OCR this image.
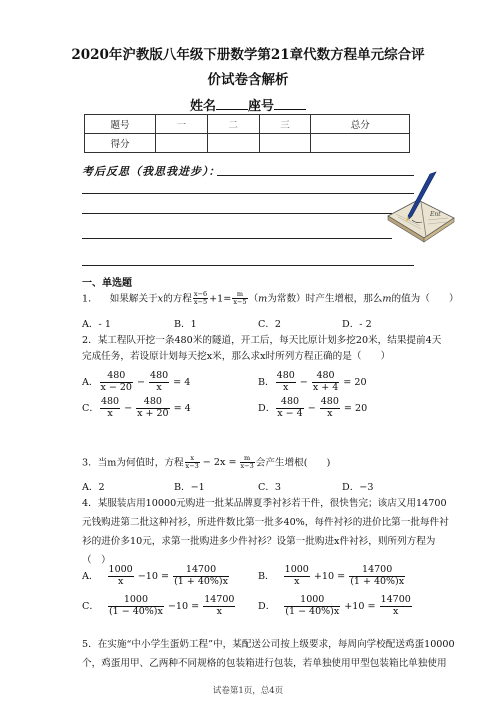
2020年沪教版八年级下册数学第21章代数方程单元综合评
价试卷含解析
姓名 座号
题号	一	二	三	总分
得分				
考后反思（我思我进步）：
Ent
一、单选题
1． 如果解关于x的方程 $\frac{x-6}{x-5} +1= \frac{m}{x-5} (m$为常数）时产生增根，那么m的值为（　　）
A．- 1	B．1	C．2	D．- 2
2．某工程队开挖一条480米的隧道，开工后，每天比原计划多挖20米，结果提前4天
完成任务，若设原计划每天挖x米，那么求x时所列方程正确的是（　　）
A． $\frac{480}{x - 20} - \frac{480}{x} = 4$	B． $\frac{480}{x} - \frac{480}{x + 4} = 20$
C． $\frac{480}{x} - \frac{480}{x + 20} = 4$	D． $\frac{480}{x - 4} - \frac{480}{x} = 20$
3．当m为何值时，方程 $\frac{x}{x-3} - 2x = \frac{m}{x-3}$ 会产生增根(　　)
A．2	B．−1	C．3	D．−3
4．某服装店用10000元购进一批某品牌夏季衬衫若干件，很快售完；该店又用14700
元钱购进第二批这种衬衫，所进件数比第一批多40%，每件衬衫的进价比第一批每件衬
衫的进价多10元，求第一批购进多少件衬衫？设第一批购进x件衬衫，则所列方程为
（　）
A． $\frac{1000}{x} -10 = \frac{14700}{(1 + 40\%)x}$	B． $\frac{1000}{x} +10 = \frac{14700}{(1 + 40\%)x}$
C． $\frac{1000}{(1 - 40\%)x} -10 = \frac{14700}{x}$ D． $\frac{1000}{(1 - 40\%)x} +10 = \frac{14700}{x}$
5．在实施“中小学生蛋奶工程”中，某配送公司按上级要求，每周向学校配送鸡蛋10000
个，鸡蛋用甲、乙两种不同规格的包装箱进行包装，若单独使用甲型包装箱比单独使用
试卷第1页，总4页
